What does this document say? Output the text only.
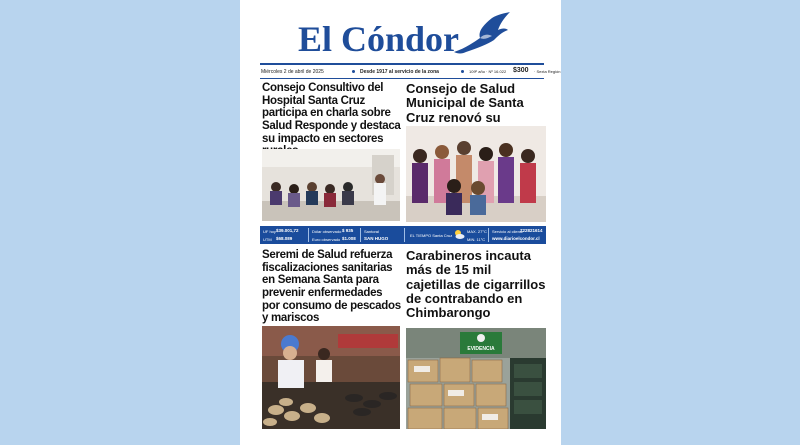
El Cóndor
Miércoles 2 de abril de 2025	Desde 1917 al servicio de la zona	109º año · Nº 16.022 $300 · Sexta Región
Consejo Consultivo del Hospital Santa Cruz participa en charla sobre Salud Responde y destaca su impacto en sectores
Consejo de Salud Municipal de Santa Cruz renovó su
UF hoy $39.001,72
UTM $68.089
Dólar observado $ 935
Euro observado $1.008
Santoral
SAN HUGO
EL TIEMPO Santa Cruz
MAX. 27°C
MIN. 11°C
Servicio al cliente
722821614
www.diarioelcondor.cl
Seremi de Salud refuerza fiscalizaciones sanitarias en Semana Santa para prevenir enfermedades por consumo de pescados y mariscos
Carabineros incauta más de 15 mil cajetillas de cigarrillos de contrabando en Chimbarongo
EVIDENCIA
